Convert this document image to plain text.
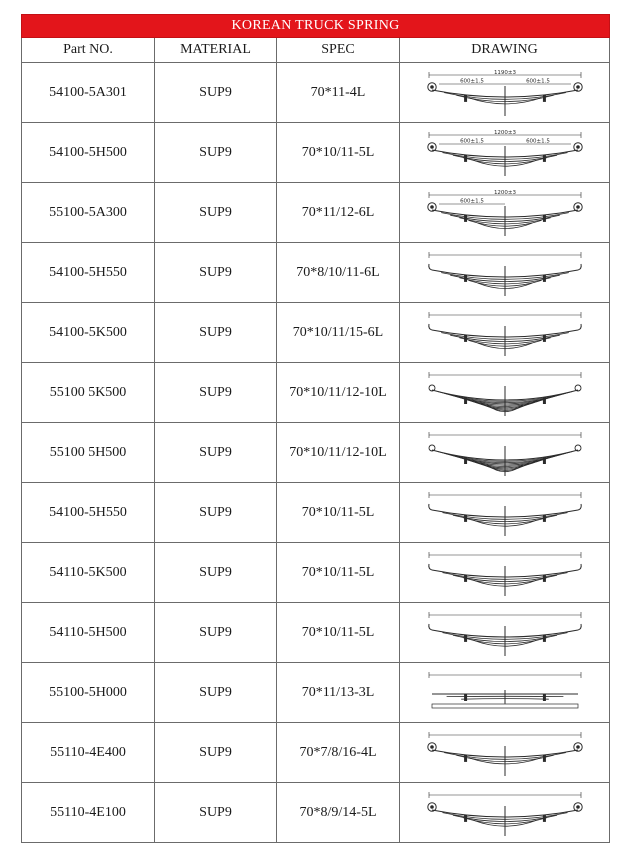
KOREAN TRUCK SPRING			
Part NO.	MATERIAL	SPEC	DRAWING
54100-5A301	SUP9	70*11-4L	1190±3
600±1.5 600±1.5

54100-5H500	SUP9	70*10/11-5L	1200±3
600±1.5 600±1.5

55100-5A300	SUP9	70*11/12-6L	1200±3
600±1.5

54100-5H550	SUP9	70*8/10/11-6L	

54100-5K500	SUP9	70*10/11/15-6L	

55100 5K500	SUP9	70*10/11/12-10L	

55100 5H500	SUP9	70*10/11/12-10L	

54100-5H550	SUP9	70*10/11-5L	

54110-5K500	SUP9	70*10/11-5L	

54110-5H500	SUP9	70*10/11-5L	

55100-5H000	SUP9	70*11/13-3L	

55110-4E400	SUP9	70*7/8/16-4L	

55110-4E100	SUP9	70*8/9/14-5L	
